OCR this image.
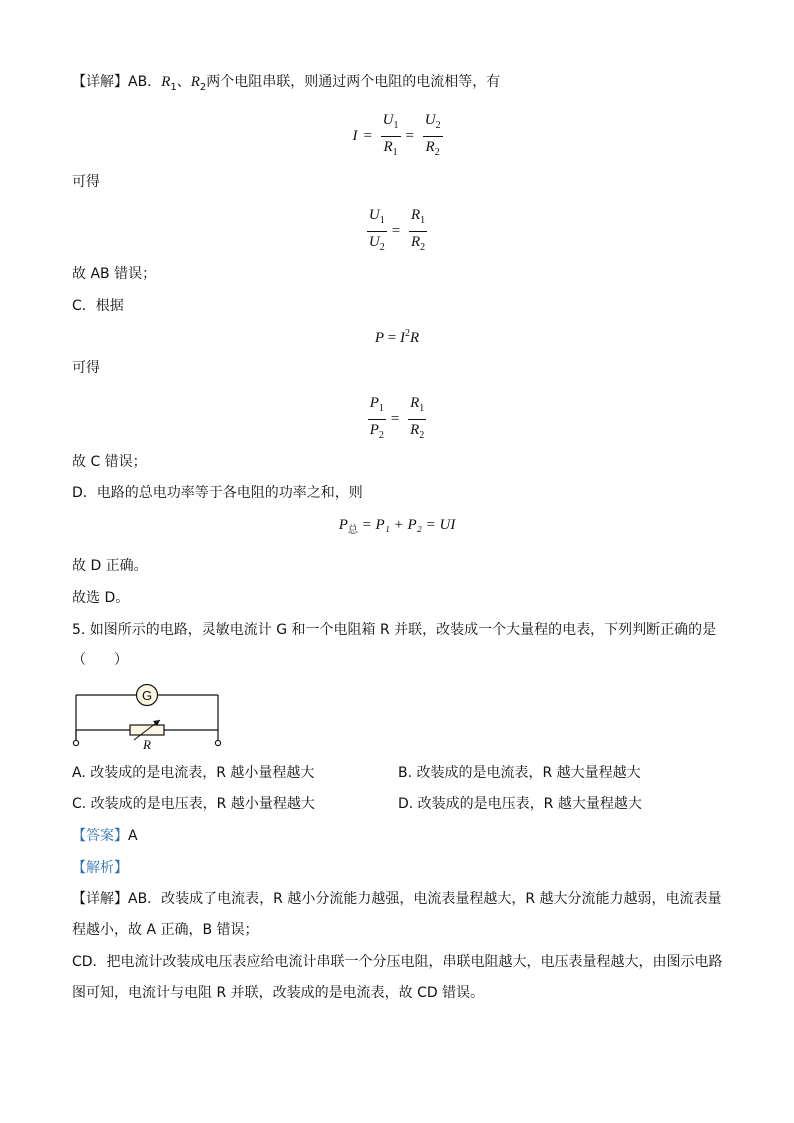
【详解】AB．$R_1$、$R_2$两个电阻串联，则通过两个电阻的电流相等，有
$I = \frac{U_1}{R_1} = \frac{U_2}{R_2}$
可得
$\frac{U_1}{U_2} = \frac{R_1}{R_2}$
故 AB 错误；
C．根据
$P = I^2R$
可得
$\frac{P_1}{P_2} = \frac{R_1}{R_2}$
故 C 错误；
D．电路的总电功率等于各电阻的功率之和，则
$P_总 = P_1 + P_2$ = UI
故 D 正确。
故选 D。
5. 如图所示的电路，灵敏电流计 G 和一个电阻箱 R 并联，改装成一个大量程的电表，下列判断正确的是
（　　）
G
R
A. 改装成的是电流表，R 越小量程越大	B. 改装成的是电流表，R 越大量程越大
C. 改装成的是电压表，R 越小量程越大	D. 改装成的是电压表，R 越大量程越大
【答案】A
【解析】
【详解】AB．改装成了电流表，R 越小分流能力越强，电流表量程越大，R 越大分流能力越弱，电流表量
程越小，故 A 正确，B 错误；
CD．把电流计改装成电压表应给电流计串联一个分压电阻，串联电阻越大，电压表量程越大，由图示电路
图可知，电流计与电阻 R 并联，改装成的是电流表，故 CD 错误。
